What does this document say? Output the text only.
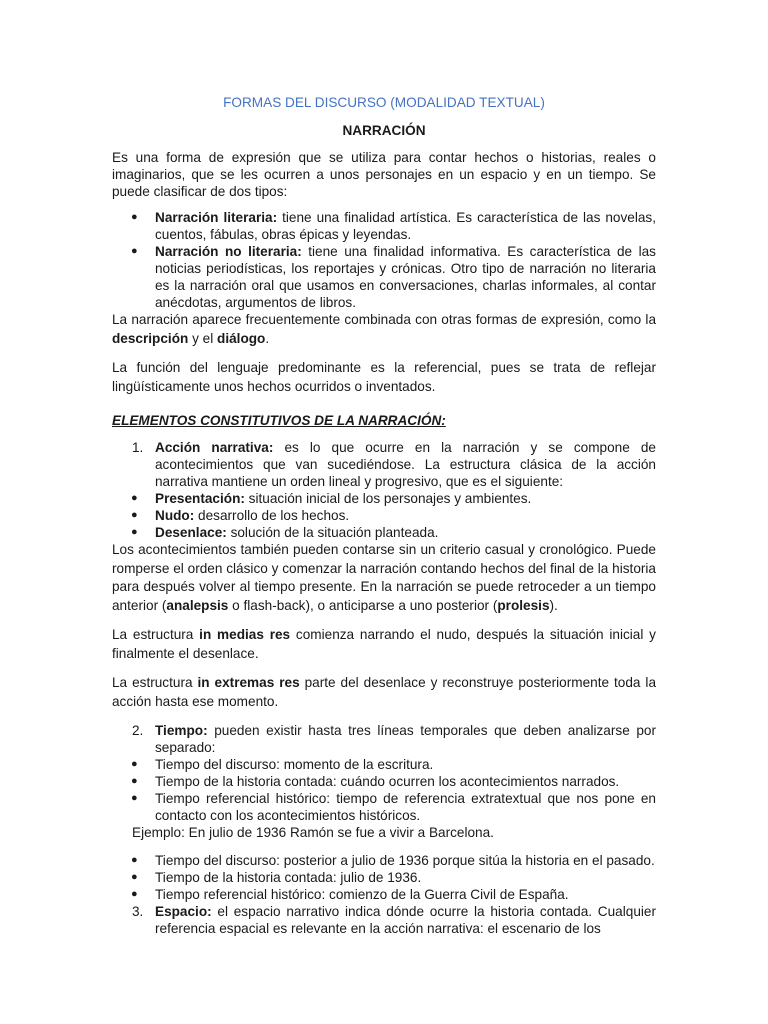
FORMAS DEL DISCURSO (MODALIDAD TEXTUAL)
NARRACIÓN

Es una forma de expresión que se utiliza para contar hechos o historias, reales o imaginarios, que se les ocurren a unos personajes en un espacio y en un tiempo. Se puede clasificar de dos tipos:

●	Narración literaria: tiene una finalidad artística. Es característica de las novelas, cuentos, fábulas, obras épicas y leyendas.
●	Narración no literaria: tiene una finalidad informativa. Es característica de las noticias periodísticas, los reportajes y crónicas. Otro tipo de narración no literaria es la narración oral que usamos en conversaciones, charlas informales, al contar anécdotas, argumentos de libros.

La narración aparece frecuentemente combinada con otras formas de expresión, como la descripción y el diálogo.

La función del lenguaje predominante es la referencial, pues se trata de reflejar lingüísticamente unos hechos ocurridos o inventados.

ELEMENTOS CONSTITUTIVOS DE LA NARRACIÓN:
1. Acción narrativa: es lo que ocurre en la narración y se compone de acontecimientos que van sucediéndose. La estructura clásica de la acción narrativa mantiene un orden lineal y progresivo, que es el siguiente:
●	Presentación: situación inicial de los personajes y ambientes.
●	Nudo: desarrollo de los hechos.
●	Desenlace: solución de la situación planteada.

Los acontecimientos también pueden contarse sin un criterio casual y cronológico. Puede romperse el orden clásico y comenzar la narración contando hechos del final de la historia para después volver al tiempo presente. En la narración se puede retroceder a un tiempo anterior (analepsis o flash-back), o anticiparse a uno posterior (prolesis).

La estructura in medias res comienza narrando el nudo, después la situación inicial y finalmente el desenlace.

La estructura in extremas res parte del desenlace y reconstruye posteriormente toda la acción hasta ese momento.

2. Tiempo: pueden existir hasta tres líneas temporales que deben analizarse por separado:
●	Tiempo del discurso: momento de la escritura.
●	Tiempo de la historia contada: cuándo ocurren los acontecimientos narrados.
●	Tiempo referencial histórico: tiempo de referencia extratextual que nos pone en contacto con los acontecimientos históricos.

Ejemplo: En julio de 1936 Ramón se fue a vivir a Barcelona.

●	Tiempo del discurso: posterior a julio de 1936 porque sitúa la historia en el pasado.
●	Tiempo de la historia contada: julio de 1936.
●	Tiempo referencial histórico: comienzo de la Guerra Civil de España.
3. Espacio: el espacio narrativo indica dónde ocurre la historia contada. Cualquier referencia espacial es relevante en la acción narrativa: el escenario de los
